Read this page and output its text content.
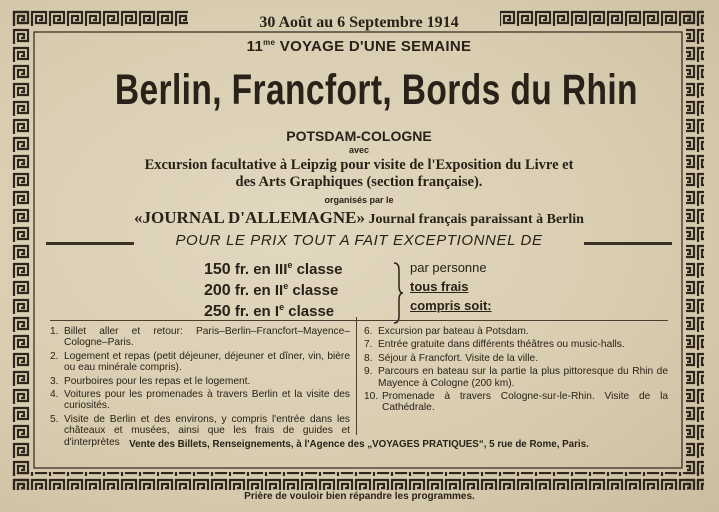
30 Août au 6 Septembre 1914
$11^{me}$ VOYAGE D'UNE SEMAINE
Berlin, Francfort, Bords du Rhin
POTSDAM-COLOGNE
avec
Excursion facultative à Leipzig pour visite de l'Exposition du Livre et
des Arts Graphiques (section française).
organisés par le
«JOURNAL D'ALLEMAGNE» Journal français paraissant à Berlin
POUR LE PRIX TOUT A FAIT EXCEPTIONNEL DE
150 fr. en IIIe classe
200 fr. en IIe classe
250 fr. en Ie classe
par personne
tous frais
compris soit:
1. Billet aller et retour: Paris–Berlin–Francfort–Mayence–Cologne–Paris.
2. Logement et repas (petit déjeuner, déjeuner et dîner, vin, bière ou eau minérale compris).
3. Pourboires pour les repas et le logement.
4. Voitures pour les promenades à travers Berlin et la visite des curiosités.
5. Visite de Berlin et des environs, y compris l'entrée dans les châteaux et musées, ainsi que les frais de guides et d'interprètes
6. Excursion par bateau à Potsdam.
7. Entrée gratuite dans différents théâtres ou music-halls.
8. Séjour à Francfort. Visite de la ville.
9. Parcours en bateau sur la partie la plus pittoresque du Rhin de Mayence à Cologne (200 km).
10. Promenade à travers Cologne-sur-le-Rhin. Visite de la Cathédrale.
Vente des Billets, Renseignements, à l'Agence des „VOYAGES PRATIQUES“, 5 rue de Rome, Paris.
Prière de vouloir bien répandre les programmes.
